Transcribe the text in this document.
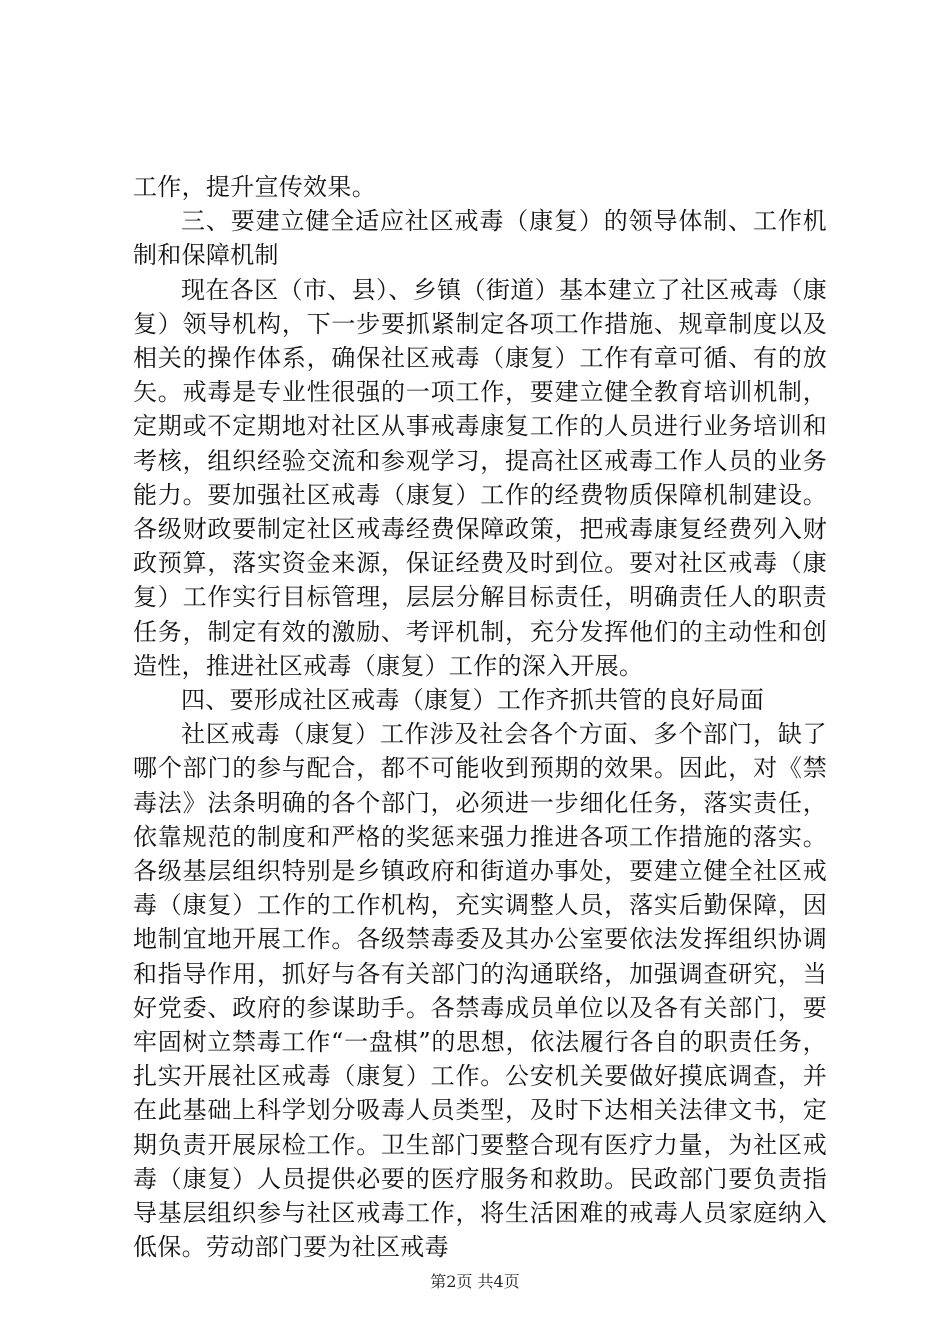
工作，提升宣传效果。

三、要建立健全适应社区戒毒（康复）的领导体制、工作机制和保障机制

现在各区（市、县）、乡镇（街道）基本建立了社区戒毒（康复）领导机构，下一步要抓紧制定各项工作措施、规章制度以及相关的操作体系，确保社区戒毒（康复）工作有章可循、有的放矢。戒毒是专业性很强的一项工作，要建立健全教育培训机制，定期或不定期地对社区从事戒毒康复工作的人员进行业务培训和考核，组织经验交流和参观学习，提高社区戒毒工作人员的业务能力。要加强社区戒毒（康复）工作的经费物质保障机制建设。各级财政要制定社区戒毒经费保障政策，把戒毒康复经费列入财政预算，落实资金来源，保证经费及时到位。要对社区戒毒（康复）工作实行目标管理，层层分解目标责任，明确责任人的职责任务，制定有效的激励、考评机制，充分发挥他们的主动性和创造性，推进社区戒毒（康复）工作的深入开展。

四、要形成社区戒毒（康复）工作齐抓共管的良好局面

社区戒毒（康复）工作涉及社会各个方面、多个部门，缺了哪个部门的参与配合，都不可能收到预期的效果。因此，对《禁毒法》法条明确的各个部门，必须进一步细化任务，落实责任，依靠规范的制度和严格的奖惩来强力推进各项工作措施的落实。各级基层组织特别是乡镇政府和街道办事处，要建立健全社区戒毒（康复）工作的工作机构，充实调整人员，落实后勤保障，因地制宜地开展工作。各级禁毒委及其办公室要依法发挥组织协调和指导作用，抓好与各有关部门的沟通联络，加强调查研究，当好党委、政府的参谋助手。各禁毒成员单位以及各有关部门，要牢固树立禁毒工作“一盘棋”的思想，依法履行各自的职责任务，扎实开展社区戒毒（康复）工作。公安机关要做好摸底调查，并在此基础上科学划分吸毒人员类型，及时下达相关法律文书，定期负责开展尿检工作。卫生部门要整合现有医疗力量，为社区戒毒（康复）人员提供必要的医疗服务和救助。民政部门要负责指导基层组织参与社区戒毒工作，将生活困难的戒毒人员家庭纳入低保。劳动部门要为社区戒毒

第2页 共4页
